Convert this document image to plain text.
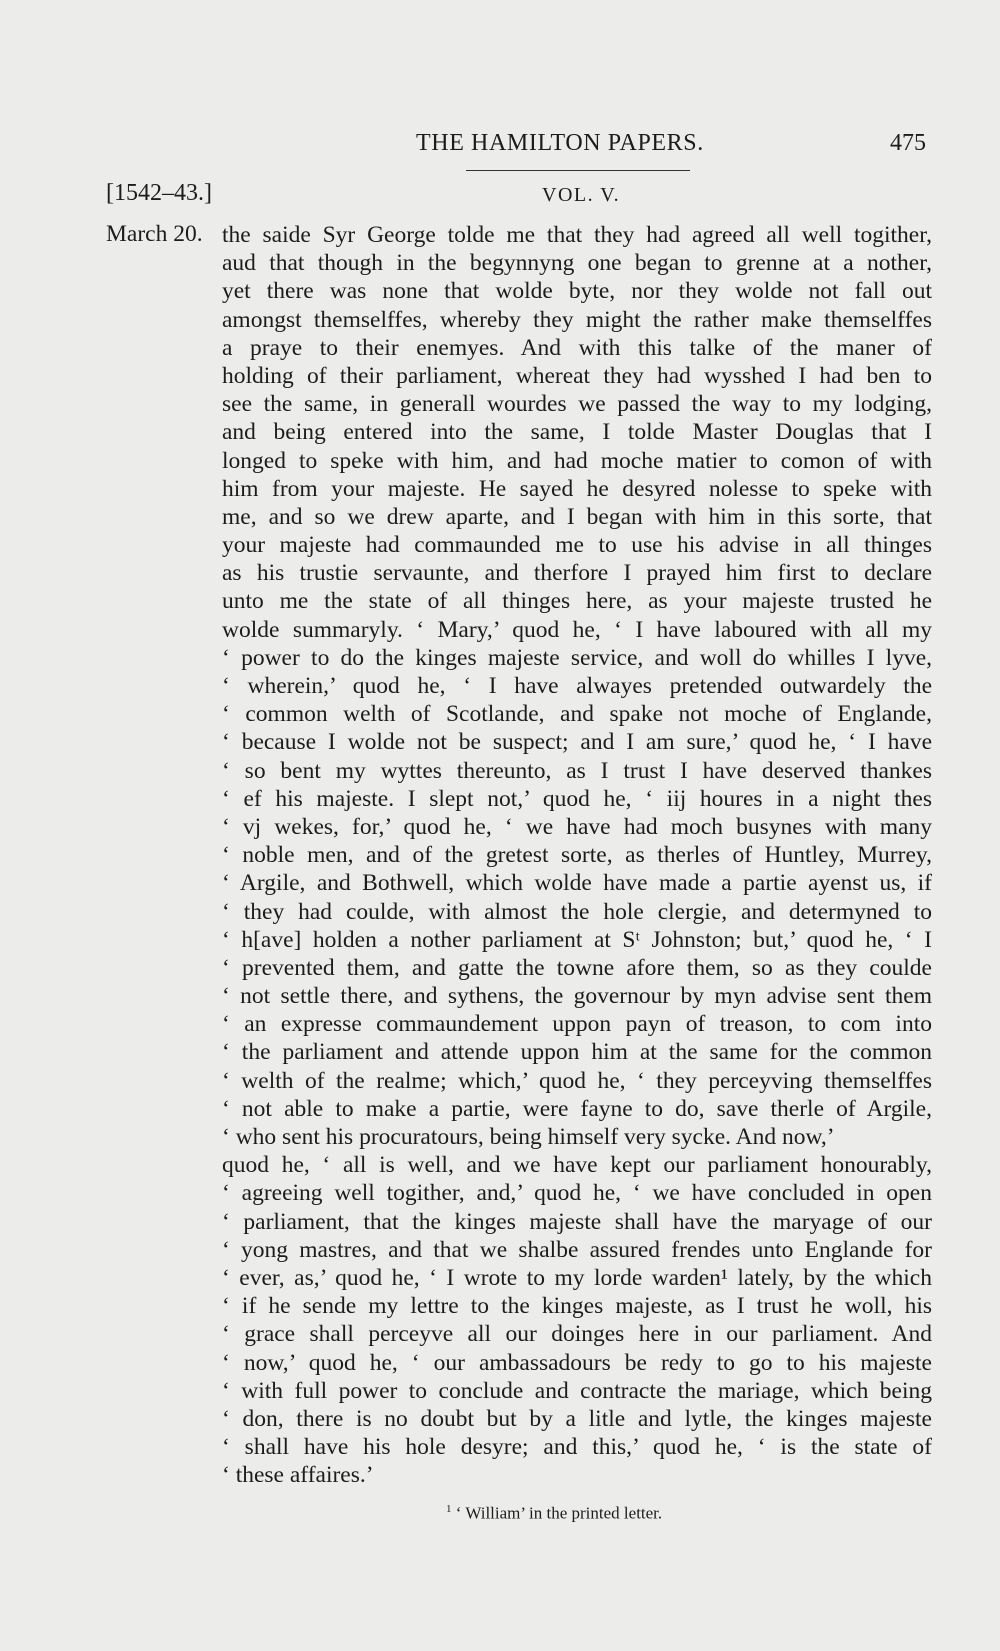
THE HAMILTON PAPERS.	475
[1542–43.]	VOL. V.
March 20. the saide Syr George tolde me that they had agreed all well togither,
aud that though in the begynnyng one began to grenne at a nother,
yet there was none that wolde byte, nor they wolde not fall out
amongst themselffes, whereby they might the rather make themselffes
a praye to their enemyes. And with this talke of the maner of
holding of their parliament, whereat they had wysshed I had ben to
see the same, in generall wourdes we passed the way to my lodging,
and being entered into the same, I tolde Master Douglas that I
longed to speke with him, and had moche matier to comon of with
him from your majeste. He sayed he desyred nolesse to speke with
me, and so we drew aparte, and I began with him in this sorte, that
your majeste had commaunded me to use his advise in all thinges
as his trustie servaunte, and therfore I prayed him first to declare
unto me the state of all thinges here, as your majeste trusted he
wolde summaryly. ‘ Mary,’ quod he, ‘ I have laboured with all my
‘ power to do the kinges majeste service, and woll do whilles I lyve,
‘ wherein,’ quod he, ‘ I have alwayes pretended outwardely the
‘ common welth of Scotlande, and spake not moche of Englande,
‘ because I wolde not be suspect; and I am sure,’ quod he, ‘ I have
‘ so bent my wyttes thereunto, as I trust I have deserved thankes
‘ ef his majeste. I slept not,’ quod he, ‘ iij houres in a night thes
‘ vj wekes, for,’ quod he, ‘ we have had moch busynes with many
‘ noble men, and of the gretest sorte, as therles of Huntley, Murrey,
‘ Argile, and Bothwell, which wolde have made a partie ayenst us, if
‘ they had coulde, with almost the hole clergie, and determyned to
‘ h[ave] holden a nother parliament at Sᵗ Johnston; but,’ quod he, ‘ I
‘ prevented them, and gatte the towne afore them, so as they coulde
‘ not settle there, and sythens, the governour by myn advise sent them
‘ an expresse commaundement uppon payn of treason, to com into
‘ the parliament and attende uppon him at the same for the common
‘ welth of the realme; which,’ quod he, ‘ they perceyving themselffes
‘ not able to make a partie, were fayne to do, save therle of Argile,
‘ who sent his procuratours, being himself very sycke. And now,’
quod he, ‘ all is well, and we have kept our parliament honourably,
‘ agreeing well togither, and,’ quod he, ‘ we have concluded in open
‘ parliament, that the kinges majeste shall have the maryage of our
‘ yong mastres, and that we shalbe assured frendes unto Englande for
‘ ever, as,’ quod he, ‘ I wrote to my lorde warden¹ lately, by the which
‘ if he sende my lettre to the kinges majeste, as I trust he woll, his
‘ grace shall perceyve all our doinges here in our parliament. And
‘ now,’ quod he, ‘ our ambassadours be redy to go to his majeste
‘ with full power to conclude and contracte the mariage, which being
‘ don, there is no doubt but by a litle and lytle, the kinges majeste
‘ shall have his hole desyre; and this,’ quod he, ‘ is the state of
‘ these affaires.’
$^1$ ‘ William’ in the printed letter.
